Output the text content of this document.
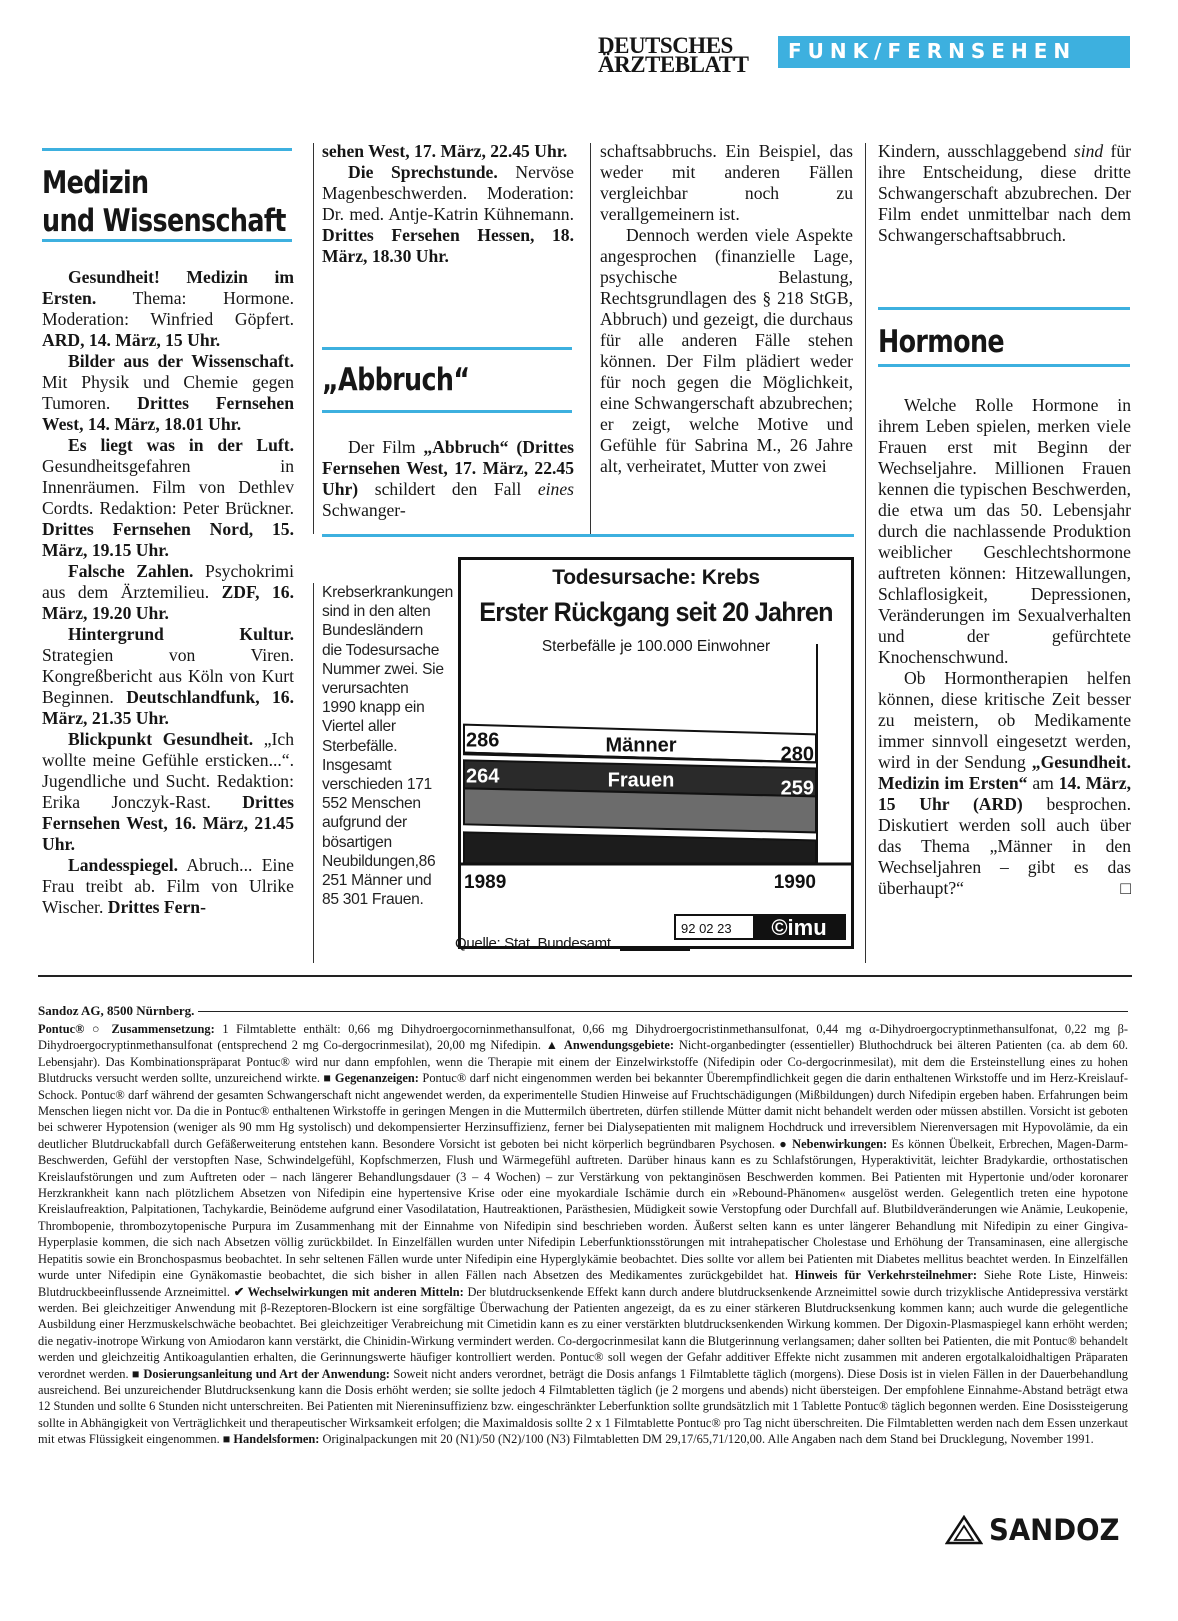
DEUTSCHES
ÄRZTEBLATT
FUNK/FERNSEHEN
Medizin
und Wissenschaft

Gesundheit! Medizin im Ersten. Thema: Hormone. Moderation: Winfried Göpfert. ARD, 14. März, 15 Uhr.

Bilder aus der Wissenschaft. Mit Physik und Chemie gegen Tumoren. Drittes Fernsehen West, 14. März, 18.01 Uhr.

Es liegt was in der Luft. Gesundheitsgefahren in Innenräumen. Film von Dethlev Cordts. Redaktion: Peter Brückner. Drittes Fernsehen Nord, 15. März, 19.15 Uhr.

Falsche Zahlen. Psychokrimi aus dem Ärztemilieu. ZDF, 16. März, 19.20 Uhr.

Hintergrund Kultur. Strategien von Viren. Kongreßbericht aus Köln von Kurt Beginnen. Deutschlandfunk, 16. März, 21.35 Uhr.

Blickpunkt Gesundheit. „Ich wollte meine Gefühle ersticken...“. Jugendliche und Sucht. Redaktion: Erika Jonczyk-Rast. Drittes Fernsehen West, 16. März, 21.45 Uhr.

Landesspiegel. Abruch... Eine Frau treibt ab. Film von Ulrike Wischer. Drittes Fern-

sehen West, 17. März, 22.45 Uhr.

Die Sprechstunde. Nervöse Magenbeschwerden. Moderation: Dr. med. Antje-Katrin Kühnemann. Drittes Fersehen Hessen, 18. März, 18.30 Uhr.

„Abbruch“

Der Film „Abbruch“ (Drittes Fernsehen West, 17. März, 22.45 Uhr) schildert den Fall eines Schwanger-

schaftsabbruchs. Ein Beispiel, das weder mit anderen Fällen vergleichbar noch zu verallgemeinern ist.

Dennoch werden viele Aspekte angesprochen (finanzielle Lage, psychische Belastung, Rechtsgrundlagen des § 218 StGB, Abbruch) und gezeigt, die durchaus für alle anderen Fälle stehen können. Der Film plädiert weder für noch gegen die Möglichkeit, eine Schwangerschaft abzubrechen; er zeigt, welche Motive und Gefühle für Sabrina M., 26 Jahre alt, verheiratet, Mutter von zwei

Kindern, ausschlaggebend sind für ihre Entscheidung, diese dritte Schwangerschaft abzubrechen. Der Film endet unmittelbar nach dem Schwangerschaftsabbruch.

Hormone

Welche Rolle Hormone in ihrem Leben spielen, merken viele Frauen erst mit Beginn der Wechseljahre. Millionen Frauen kennen die typischen Beschwerden, die etwa um das 50. Lebensjahr durch die nachlassende Produktion weiblicher Geschlechtshormone auftreten können: Hitzewallungen, Schlaflosigkeit, Depressionen, Veränderungen im Sexualverhalten und der gefürchtete Knochenschwund.

Ob Hormontherapien helfen können, diese kritische Zeit besser zu meistern, ob Medikamente immer sinnvoll eingesetzt werden, wird in der Sendung „Gesundheit. Medizin im Ersten“ am 14. März, 15 Uhr (ARD) besprochen. Diskutiert werden soll auch über das Thema „Männer in den Wechseljahren – gibt es das überhaupt?“	□

Krebserkrankungen sind in den alten Bundesländern die Todesursache Nummer zwei. Sie verursachten 1990 knapp ein Viertel aller Sterbefälle. Insgesamt verschieden 171 552 Menschen aufgrund der bösartigen Neubildungen,86 251 Männer und 85 301 Frauen.
Todesursache: Krebs
Erster Rückgang seit 20 Jahren
Sterbefälle je 100.000 Einwohner
286
280
264
259
Männer
Frauen
1989	1990
92 02 23 ©imu
Quelle: Stat. Bundesamt
Sandoz AG, 8500 Nürnberg.
Pontuc® ○ Zusammensetzung: 1 Filmtablette enthält: 0,66 mg Dihydroergocorninmethansulfonat, 0,66 mg Dihydroergocristinmethansulfonat, 0,44 mg α-Dihydroergocryptinmethansulfonat, 0,22 mg β-Dihydroergocryptinmethansulfonat (entsprechend 2 mg Co-dergocrinmesilat), 20,00 mg Nifedipin. ▲ Anwendungsgebiete: Nicht-organbedingter (essentieller) Bluthochdruck bei älteren Patienten (ca. ab dem 60. Lebensjahr). Das Kombinationspräparat Pontuc® wird nur dann empfohlen, wenn die Therapie mit einem der Einzelwirkstoffe (Nifedipin oder Co-dergocrinmesilat), mit dem die Ersteinstellung eines zu hohen Blutdrucks versucht werden sollte, unzureichend wirkte. ■ Gegenanzeigen: Pontuc® darf nicht eingenommen werden bei bekannter Überempfindlichkeit gegen die darin enthaltenen Wirkstoffe und im Herz-Kreislauf-Schock. Pontuc® darf während der gesamten Schwangerschaft nicht angewendet werden, da experimentelle Studien Hinweise auf Fruchtschädigungen (Mißbildungen) durch Nifedipin ergeben haben. Erfahrungen beim Menschen liegen nicht vor. Da die in Pontuc® enthaltenen Wirkstoffe in geringen Mengen in die Muttermilch übertreten, dürfen stillende Mütter damit nicht behandelt werden oder müssen abstillen. Vorsicht ist geboten bei schwerer Hypotension (weniger als 90 mm Hg systolisch) und dekompensierter Herzinsuffizienz, ferner bei Dialysepatienten mit malignem Hochdruck und irreversiblem Nierenversagen mit Hypovolämie, da ein deutlicher Blutdruckabfall durch Gefäßerweiterung entstehen kann. Besondere Vorsicht ist geboten bei nicht körperlich begründbaren Psychosen. ● Nebenwirkungen: Es können Übelkeit, Erbrechen, Magen-Darm-Beschwerden, Gefühl der verstopften Nase, Schwindelgefühl, Kopfschmerzen, Flush und Wärmegefühl auftreten. Darüber hinaus kann es zu Schlafstörungen, Hyperaktivität, leichter Bradykardie, orthostatischen Kreislaufstörungen und zum Auftreten oder – nach längerer Behandlungsdauer (3 – 4 Wochen) – zur Verstärkung von pektanginösen Beschwerden kommen. Bei Patienten mit Hypertonie und/oder koronarer Herzkrankheit kann nach plötzlichem Absetzen von Nifedipin eine hypertensive Krise oder eine myokardiale Ischämie durch ein »Rebound-Phänomen« ausgelöst werden. Gelegentlich treten eine hypotone Kreislaufreaktion, Palpitationen, Tachykardie, Beinödeme aufgrund einer Vasodilatation, Hautreaktionen, Parästhesien, Müdigkeit sowie Verstopfung oder Durchfall auf. Blutbildveränderungen wie Anämie, Leukopenie, Thrombopenie, thrombozytopenische Purpura im Zusammenhang mit der Einnahme von Nifedipin sind beschrieben worden. Äußerst selten kann es unter längerer Behandlung mit Nifedipin zu einer Gingiva-Hyperplasie kommen, die sich nach Absetzen völlig zurückbildet. In Einzelfällen wurden unter Nifedipin Leberfunktionsstörungen mit intrahepatischer Cholestase und Erhöhung der Transaminasen, eine allergische Hepatitis sowie ein Bronchospasmus beobachtet. In sehr seltenen Fällen wurde unter Nifedipin eine Hyperglykämie beobachtet. Dies sollte vor allem bei Patienten mit Diabetes mellitus beachtet werden. In Einzelfällen wurde unter Nifedipin eine Gynäkomastie beobachtet, die sich bisher in allen Fällen nach Absetzen des Medikamentes zurückgebildet hat. Hinweis für Verkehrsteilnehmer: Siehe Rote Liste, Hinweis: Blutdruckbeeinflussende Arzneimittel. ✔ Wechselwirkungen mit anderen Mitteln: Der blutdrucksenkende Effekt kann durch andere blutdrucksenkende Arzneimittel sowie durch trizyklische Antidepressiva verstärkt werden. Bei gleichzeitiger Anwendung mit β-Rezeptoren-Blockern ist eine sorgfältige Überwachung der Patienten angezeigt, da es zu einer stärkeren Blutdrucksenkung kommen kann; auch wurde die gelegentliche Ausbildung einer Herzmuskelschwäche beobachtet. Bei gleichzeitiger Verabreichung mit Cimetidin kann es zu einer verstärkten blutdrucksenkenden Wirkung kommen. Der Digoxin-Plasmaspiegel kann erhöht werden; die negativ-inotrope Wirkung von Amiodaron kann verstärkt, die Chinidin-Wirkung vermindert werden. Co-dergocrinmesilat kann die Blutgerinnung verlangsamen; daher sollten bei Patienten, die mit Pontuc® behandelt werden und gleichzeitig Antikoagulantien erhalten, die Gerinnungswerte häufiger kontrolliert werden. Pontuc® soll wegen der Gefahr additiver Effekte nicht zusammen mit anderen ergotalkaloidhaltigen Präparaten verordnet werden. ■ Dosierungsanleitung und Art der Anwendung: Soweit nicht anders verordnet, beträgt die Dosis anfangs 1 Filmtablette täglich (morgens). Diese Dosis ist in vielen Fällen in der Dauerbehandlung ausreichend. Bei unzureichender Blutdrucksenkung kann die Dosis erhöht werden; sie sollte jedoch 4 Filmtabletten täglich (je 2 morgens und abends) nicht übersteigen. Der empfohlene Einnahme-Abstand beträgt etwa 12 Stunden und sollte 6 Stunden nicht unterschreiten. Bei Patienten mit Niereninsuffizienz bzw. eingeschränkter Leberfunktion sollte grundsätzlich mit 1 Tablette Pontuc® täglich begonnen werden. Eine Dosissteigerung sollte in Abhängigkeit von Verträglichkeit und therapeutischer Wirksamkeit erfolgen; die Maximaldosis sollte 2 x 1 Filmtablette Pontuc® pro Tag nicht überschreiten. Die Filmtabletten werden nach dem Essen unzerkaut mit etwas Flüssigkeit eingenommen. ■ Handelsformen: Originalpackungen mit 20 (N1)/50 (N2)/100 (N3) Filmtabletten DM 29,17/65,71/120,00. Alle Angaben nach dem Stand bei Drucklegung, November 1991.
SANDOZ
